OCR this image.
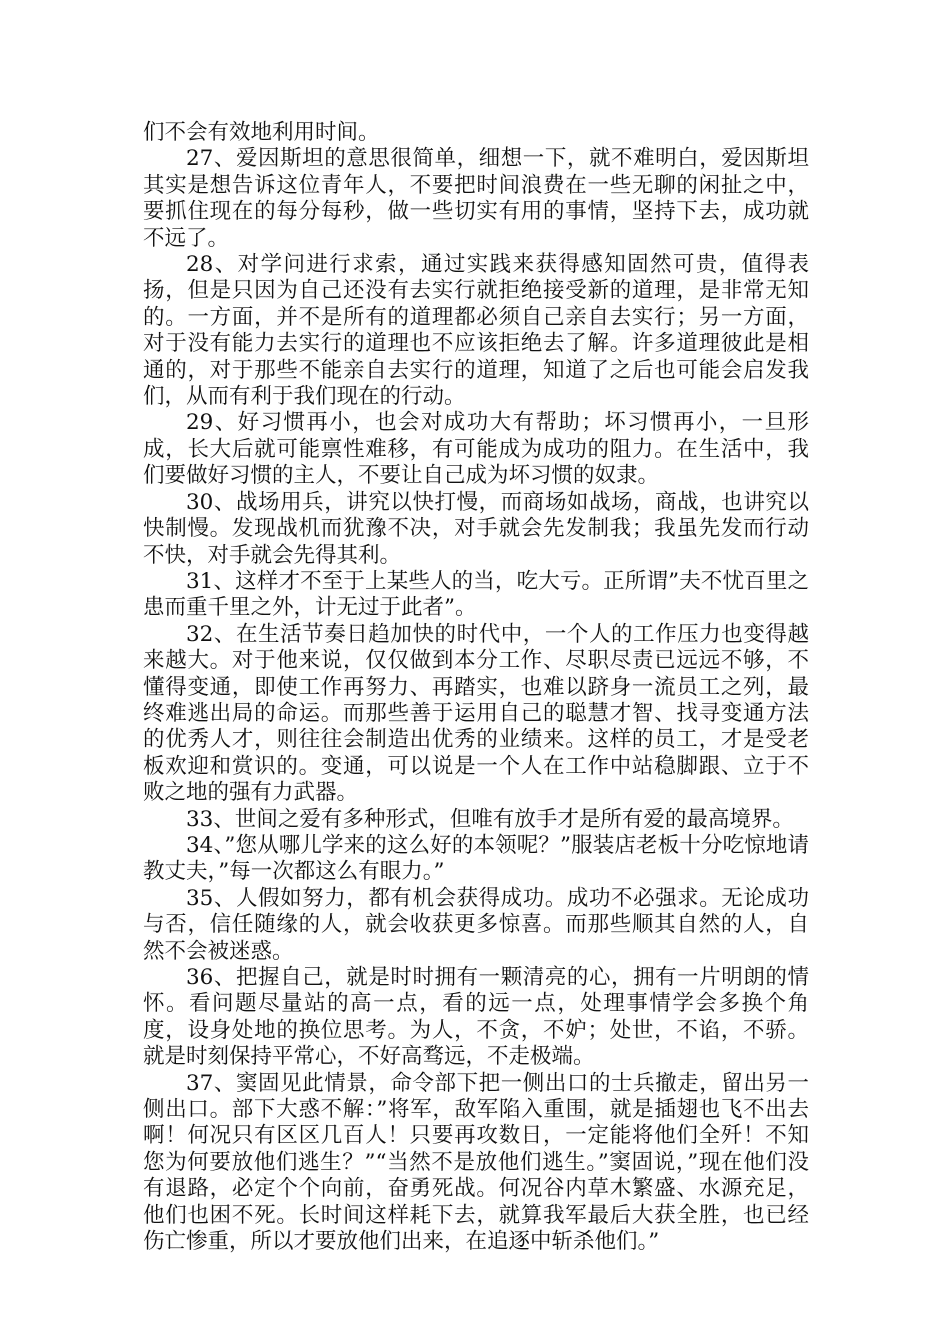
们不会有效地利用时间。

27、爱因斯坦的意思很简单，细想一下，就不难明白，爱因斯坦其实是想告诉这位青年人，不要把时间浪费在一些无聊的闲扯之中，要抓住现在的每分每秒，做一些切实有用的事情，坚持下去，成功就不远了。

28、对学问进行求索，通过实践来获得感知固然可贵，值得表扬，但是只因为自己还没有去实行就拒绝接受新的道理，是非常无知的。一方面，并不是所有的道理都必须自己亲自去实行；另一方面，对于没有能力去实行的道理也不应该拒绝去了解。许多道理彼此是相通的，对于那些不能亲自去实行的道理，知道了之后也可能会启发我们，从而有利于我们现在的行动。

29、好习惯再小，也会对成功大有帮助；坏习惯再小，一旦形成，长大后就可能禀性难移，有可能成为成功的阻力。在生活中，我们要做好习惯的主人，不要让自己成为坏习惯的奴隶。

30、战场用兵，讲究以快打慢，而商场如战场，商战，也讲究以快制慢。发现战机而犹豫不决，对手就会先发制我；我虽先发而行动不快，对手就会先得其利。

31、这样才不至于上某些人的当，吃大亏。正所谓”夫不忧百里之患而重千里之外，计无过于此者”。

32、在生活节奏日趋加快的时代中，一个人的工作压力也变得越来越大。对于他来说，仅仅做到本分工作、尽职尽责已远远不够，不懂得变通，即使工作再努力、再踏实，也难以跻身一流员工之列，最终难逃出局的命运。而那些善于运用自己的聪慧才智、找寻变通方法的优秀人才，则往往会制造出优秀的业绩来。这样的员工，才是受老板欢迎和赏识的。变通，可以说是一个人在工作中站稳脚跟、立于不败之地的强有力武器。

33、世间之爱有多种形式，但唯有放手才是所有爱的最高境界。

34、”您从哪儿学来的这么好的本领呢？”服装店老板十分吃惊地请教丈夫，”每一次都这么有眼力。”

35、人假如努力，都有机会获得成功。成功不必强求。无论成功与否，信任随缘的人，就会收获更多惊喜。而那些顺其自然的人，自然不会被迷惑。

36、把握自己，就是时时拥有一颗清亮的心，拥有一片明朗的情怀。看问题尽量站的高一点，看的远一点，处理事情学会多换个角度，设身处地的换位思考。为人，不贪，不妒；处世，不谄，不骄。就是时刻保持平常心，不好高骛远，不走极端。

37、窦固见此情景，命令部下把一侧出口的士兵撤走，留出另一侧出口。部下大惑不解：”将军，敌军陷入重围，就是插翅也飞不出去啊！何况只有区区几百人！只要再攻数日，一定能将他们全歼！不知您为何要放他们逃生？”“当然不是放他们逃生。”窦固说，”现在他们没有退路，必定个个向前，奋勇死战。何况谷内草木繁盛、水源充足，他们也困不死。长时间这样耗下去，就算我军最后大获全胜，也已经伤亡惨重，所以才要放他们出来，在追逐中斩杀他们。”
